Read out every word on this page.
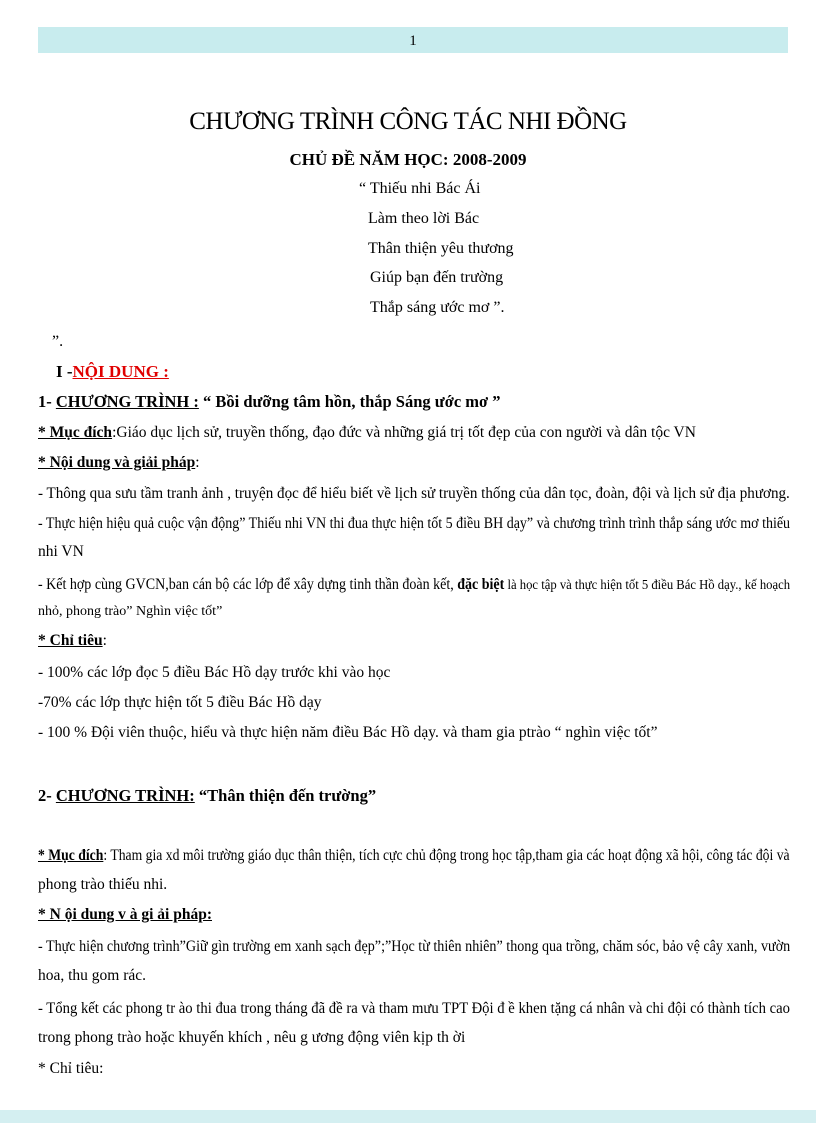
1
CHƯƠNG TRÌNH CÔNG TÁC NHI ĐỒNG
CHỦ ĐỀ NĂM HỌC: 2008-2009
“ Thiếu nhi Bác Ái
Làm theo lời Bác
Thân thiện yêu thương
Giúp bạn đến trường
Thắp sáng ước mơ ”.
”.
I -NỘI DUNG :
1- CHƯƠNG TRÌNH : “ Bồi dưỡng tâm hồn, thắp Sáng ước mơ ”
* Mục đích:Giáo dục lịch sử, truyền thống, đạo đức và những giá trị tốt đẹp của con người và dân tộc VN
* Nội dung và giải pháp:
- Thông qua sưu tầm tranh ảnh , truyện đọc để hiểu biết về lịch sử truyền thống của dân tọc, đoàn, đội và lịch sử địa phương.
- Thực hiện hiệu quả cuộc vận động” Thiếu nhi VN thi đua thực hiện tốt 5 điều BH dạy” và chương trình trình thắp sáng ước mơ thiếu
nhi VN
- Kết hợp cùng GVCN,ban cán bộ các lớp để xây dựng tinh thần đoàn kết, đặc biệt là học tập và thực hiện tốt 5 điều Bác Hồ dạy., kế hoạch
nhỏ, phong trào” Nghìn việc tốt”
* Chỉ tiêu:
- 100% các lớp đọc 5 điều Bác Hồ dạy trước khi vào học
-70% các lớp thực hiện tốt 5 điều Bác Hồ dạy
- 100 % Đội viên thuộc, hiểu và thực hiện năm điều Bác Hồ dạy. và tham gia ptrào “ nghìn việc tốt”
2- CHƯƠNG TRÌNH: “Thân thiện đến trường”
* Mục đích: Tham gia xd môi trường giáo dục thân thiện, tích cực chủ động trong học tập,tham gia các hoạt động xã hội, công tác đội và
phong trào thiếu nhi.
* N ội dung v à gi ải pháp:
- Thực hiện chương trình”Giữ gìn trường em xanh sạch đẹp”;”Học từ thiên nhiên” thong qua trồng, chăm sóc, bảo vệ cây xanh, vườn
hoa, thu gom rác.
- Tổng kết các phong tr ào thi đua trong tháng đã đề ra và tham mưu TPT Đội đ ề khen tặng cá nhân và chi đội có thành tích cao
trong phong trào hoặc khuyến khích , nêu g ương động viên kịp th ời
* Chỉ tiêu:
